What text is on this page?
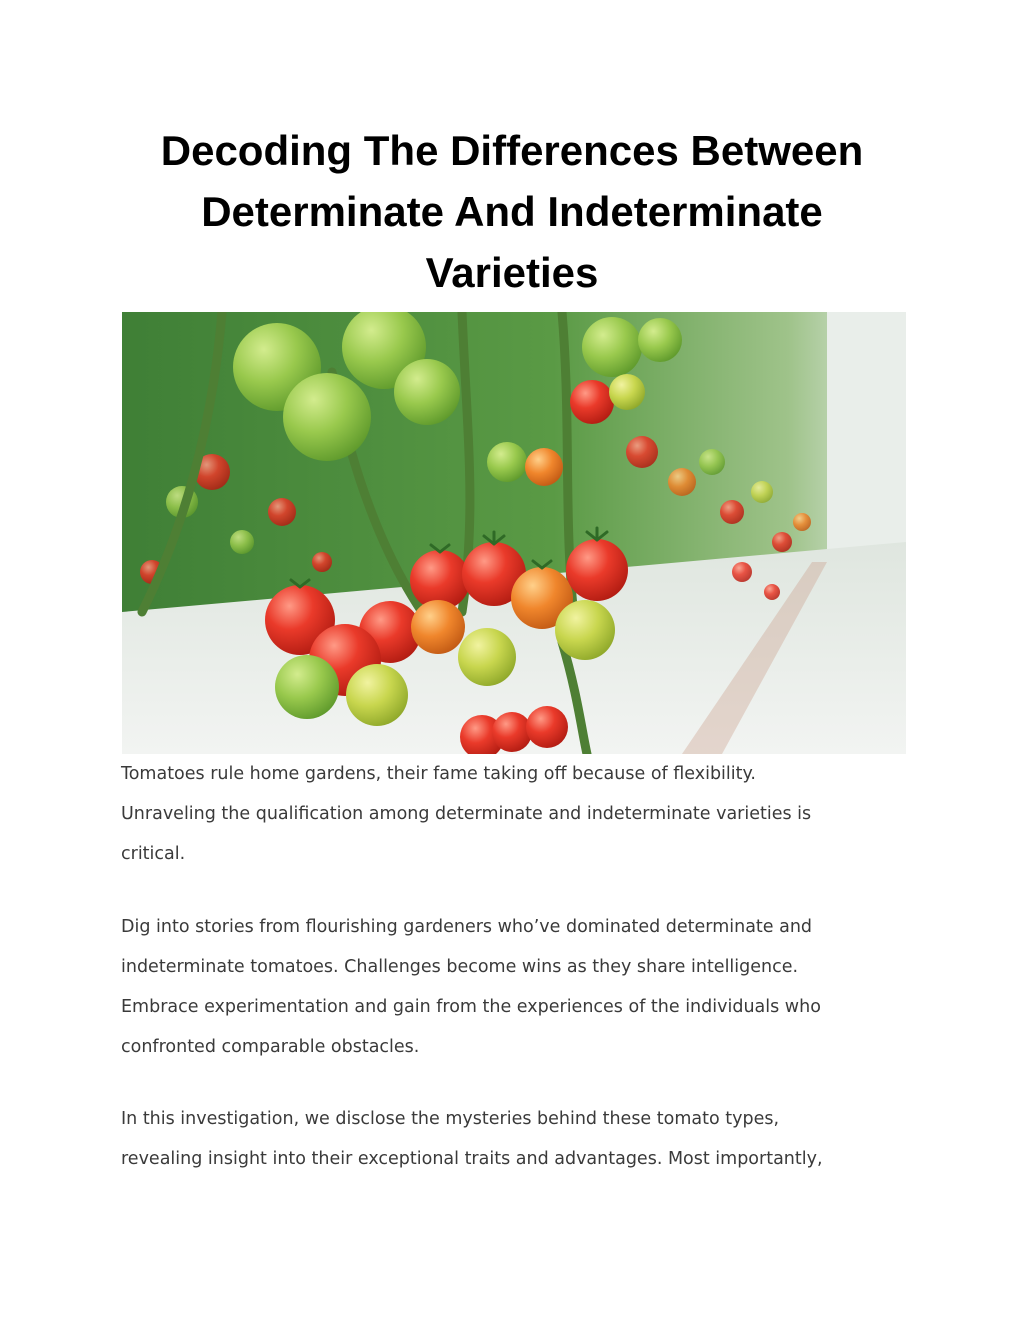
Decoding The Differences Between
Determinate And Indeterminate
Varieties
Tomatoes rule home gardens, their fame taking off because of flexibility.
Unraveling the qualification among determinate and indeterminate varieties is
critical.
Dig into stories from flourishing gardeners who’ve dominated determinate and
indeterminate tomatoes. Challenges become wins as they share intelligence.
Embrace experimentation and gain from the experiences of the individuals who
confronted comparable obstacles.
In this investigation, we disclose the mysteries behind these tomato types,
revealing insight into their exceptional traits and advantages. Most importantly,
